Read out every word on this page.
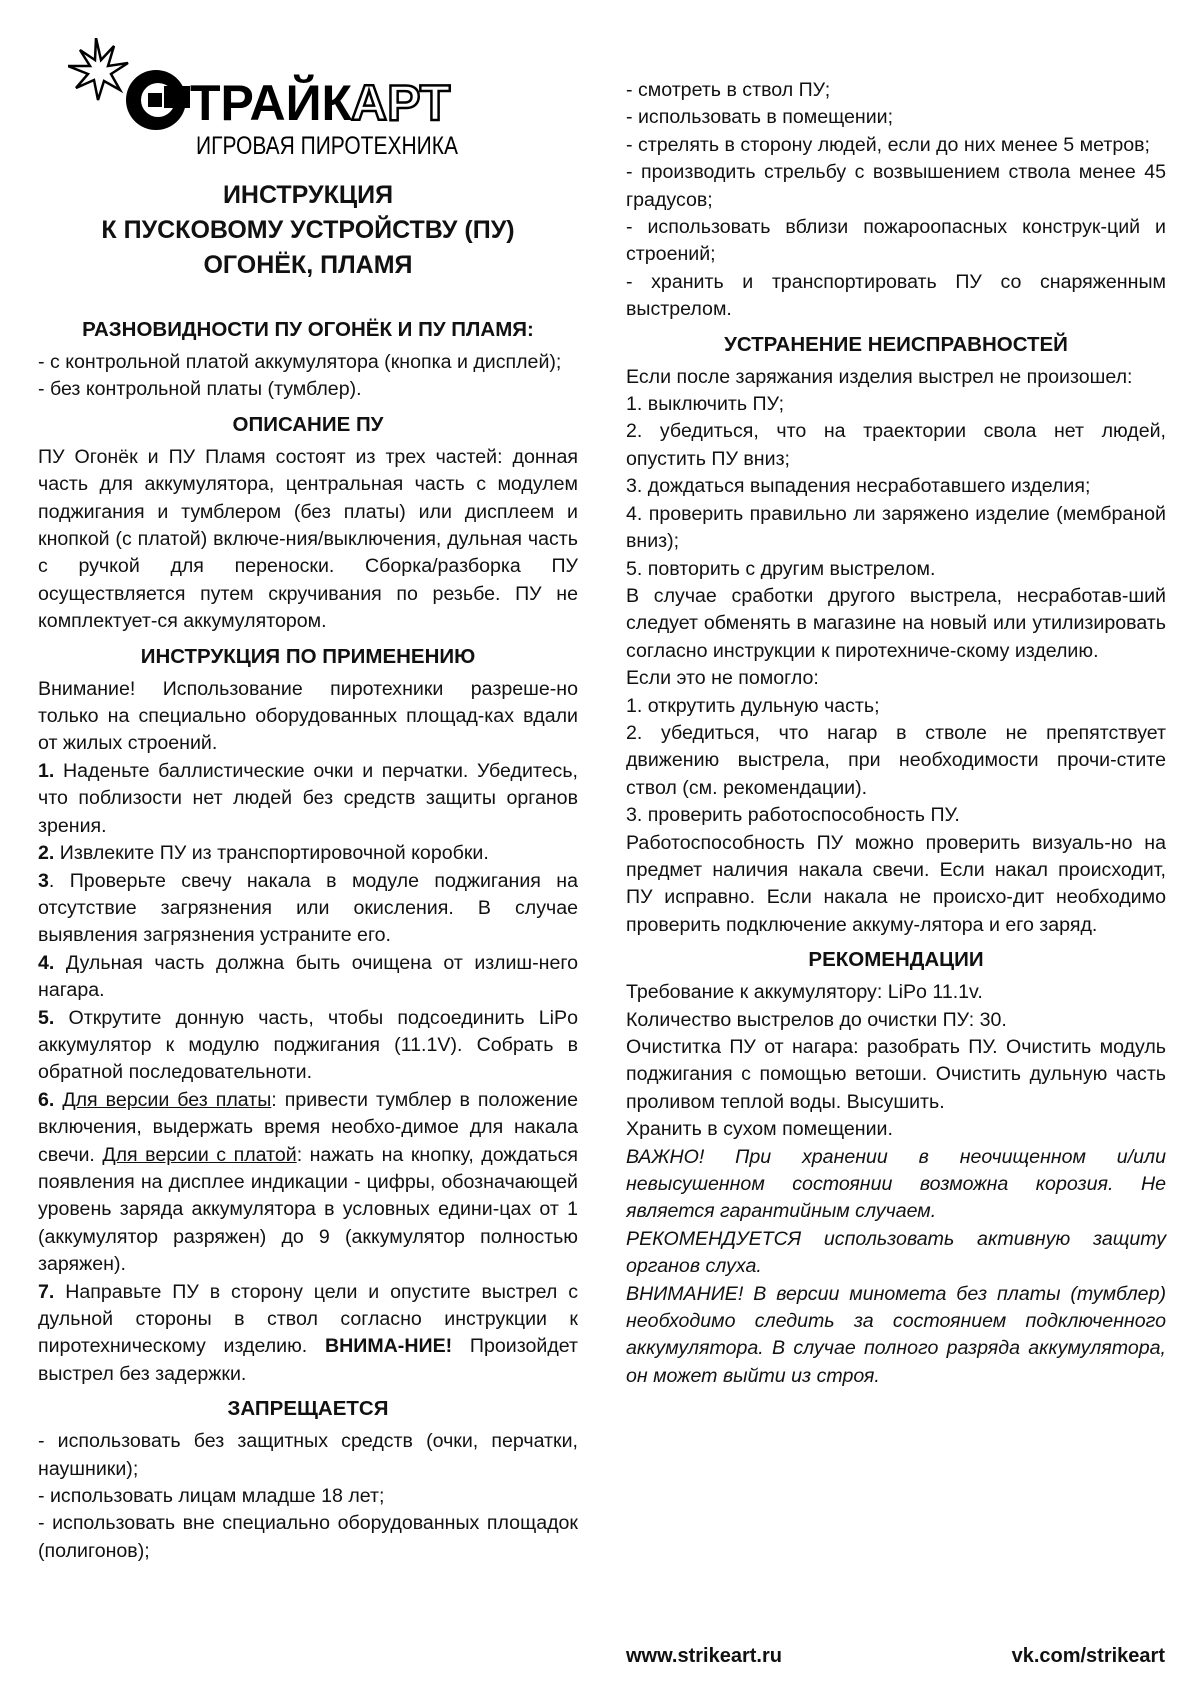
ТРАЙК
АРТ
ИГРОВАЯ ПИРОТЕХНИКА
ИНСТРУКЦИЯ
К ПУСКОВОМУ УСТРОЙСТВУ (ПУ)
ОГОНЁК, ПЛАМЯ
РАЗНОВИДНОСТИ ПУ ОГОНЁК И ПУ ПЛАМЯ:

- с контрольной платой аккумулятора (кнопка и дисплей);

- без контрольной платы (тумблер).

ОПИСАНИЕ ПУ

ПУ Огонёк и ПУ Пламя состоят из трех частей: донная часть для аккумулятора, центральная часть с модулем поджигания и тумблером (без платы) или дисплеем и кнопкой (с платой) включе-ния/выключения, дульная часть с ручкой для переноски. Сборка/разборка ПУ осуществляется путем скручивания по резьбе. ПУ не комплектует-ся аккумулятором.

ИНСТРУКЦИЯ ПО ПРИМЕНЕНИЮ

Внимание! Использование пиротехники разреше-но только на специально оборудованных площад-ках вдали от жилых строений.

1. Наденьте баллистические очки и перчатки. Убедитесь, что поблизости нет людей без средств защиты органов зрения.

2. Извлеките ПУ из транспортировочной коробки.

3. Проверьте свечу накала в модуле поджигания на отсутствие загрязнения или окисления. В случае выявления загрязнения устраните его.

4. Дульная часть должна быть очищена от излиш-него нагара.

5. Открутите донную часть, чтобы подсоединить LiPo аккумулятор к модулю поджигания (11.1V). Собрать в обратной последовательноти.

6. Для версии без платы: привести тумблер в положение включения, выдержать время необхо-димое для накала свечи. Для версии с платой: нажать на кнопку, дождаться появления на дисплее индикации - цифры, обозначающей уровень заряда аккумулятора в условных едини-цах от 1 (аккумулятор разряжен) до 9 (аккумулятор полностью заряжен).

7. Направьте ПУ в сторону цели и опустите выстрел с дульной стороны в ствол согласно инструкции к пиротехническому изделию. ВНИМА-НИЕ! Произойдет выстрел без задержки.

ЗАПРЕЩАЕТСЯ

- использовать без защитных средств (очки, перчатки, наушники);

- использовать лицам младше 18 лет;

- использовать вне специально оборудованных площадок (полигонов);

- смотреть в ствол ПУ;

- использовать в помещении;

- стрелять в сторону людей, если до них менее 5 метров;

- производить стрельбу с возвышением ствола менее 45 градусов;

- использовать вблизи пожароопасных конструк-ций и строений;

- хранить и транспортировать ПУ со снаряженным выстрелом.

УСТРАНЕНИЕ НЕИСПРАВНОСТЕЙ

Если после заряжания изделия выстрел не произошел:

1. выключить ПУ;

2. убедиться, что на траектории свола нет людей, опустить ПУ вниз;

3. дождаться выпадения несработавшего изделия;

4. проверить правильно ли заряжено изделие (мембраной вниз);

5. повторить с другим выстрелом.

В случае сработки другого выстрела, несработав-ший следует обменять в магазине на новый или утилизировать согласно инструкции к пиротехниче-скому изделию.

Если это не помогло:

1. открутить дульную часть;

2. убедиться, что нагар в стволе не препятствует движению выстрела, при необходимости прочи-стите ствол (см. рекомендации).

3. проверить работоспособность ПУ.

Работоспособность ПУ можно проверить визуаль-но на предмет наличия накала свечи. Если накал происходит, ПУ исправно. Если накала не происхо-дит необходимо проверить подключение аккуму-лятора и его заряд.

РЕКОМЕНДАЦИИ

Требование к аккумулятору: LiPo 11.1v.

Количество выстрелов до очистки ПУ: 30.

Очиститка ПУ от нагара: разобрать ПУ. Очистить модуль поджигания с помощью ветоши. Очистить дульную часть проливом теплой воды. Высушить.

Хранить в сухом помещении.

ВАЖНО! При хранении в неочищенном и/или невысушенном состоянии возможна корозия. Не является гарантийным случаем.

РЕКОМЕНДУЕТСЯ использовать активную защиту органов слуха.

ВНИМАНИЕ! В версии миномета без платы (тумблер) необходимо следить за состоянием подключенного аккумулятора. В случае полного разряда аккумулятора, он может выйти из строя.

www.strikeart.ru	vk.com/strikeart
